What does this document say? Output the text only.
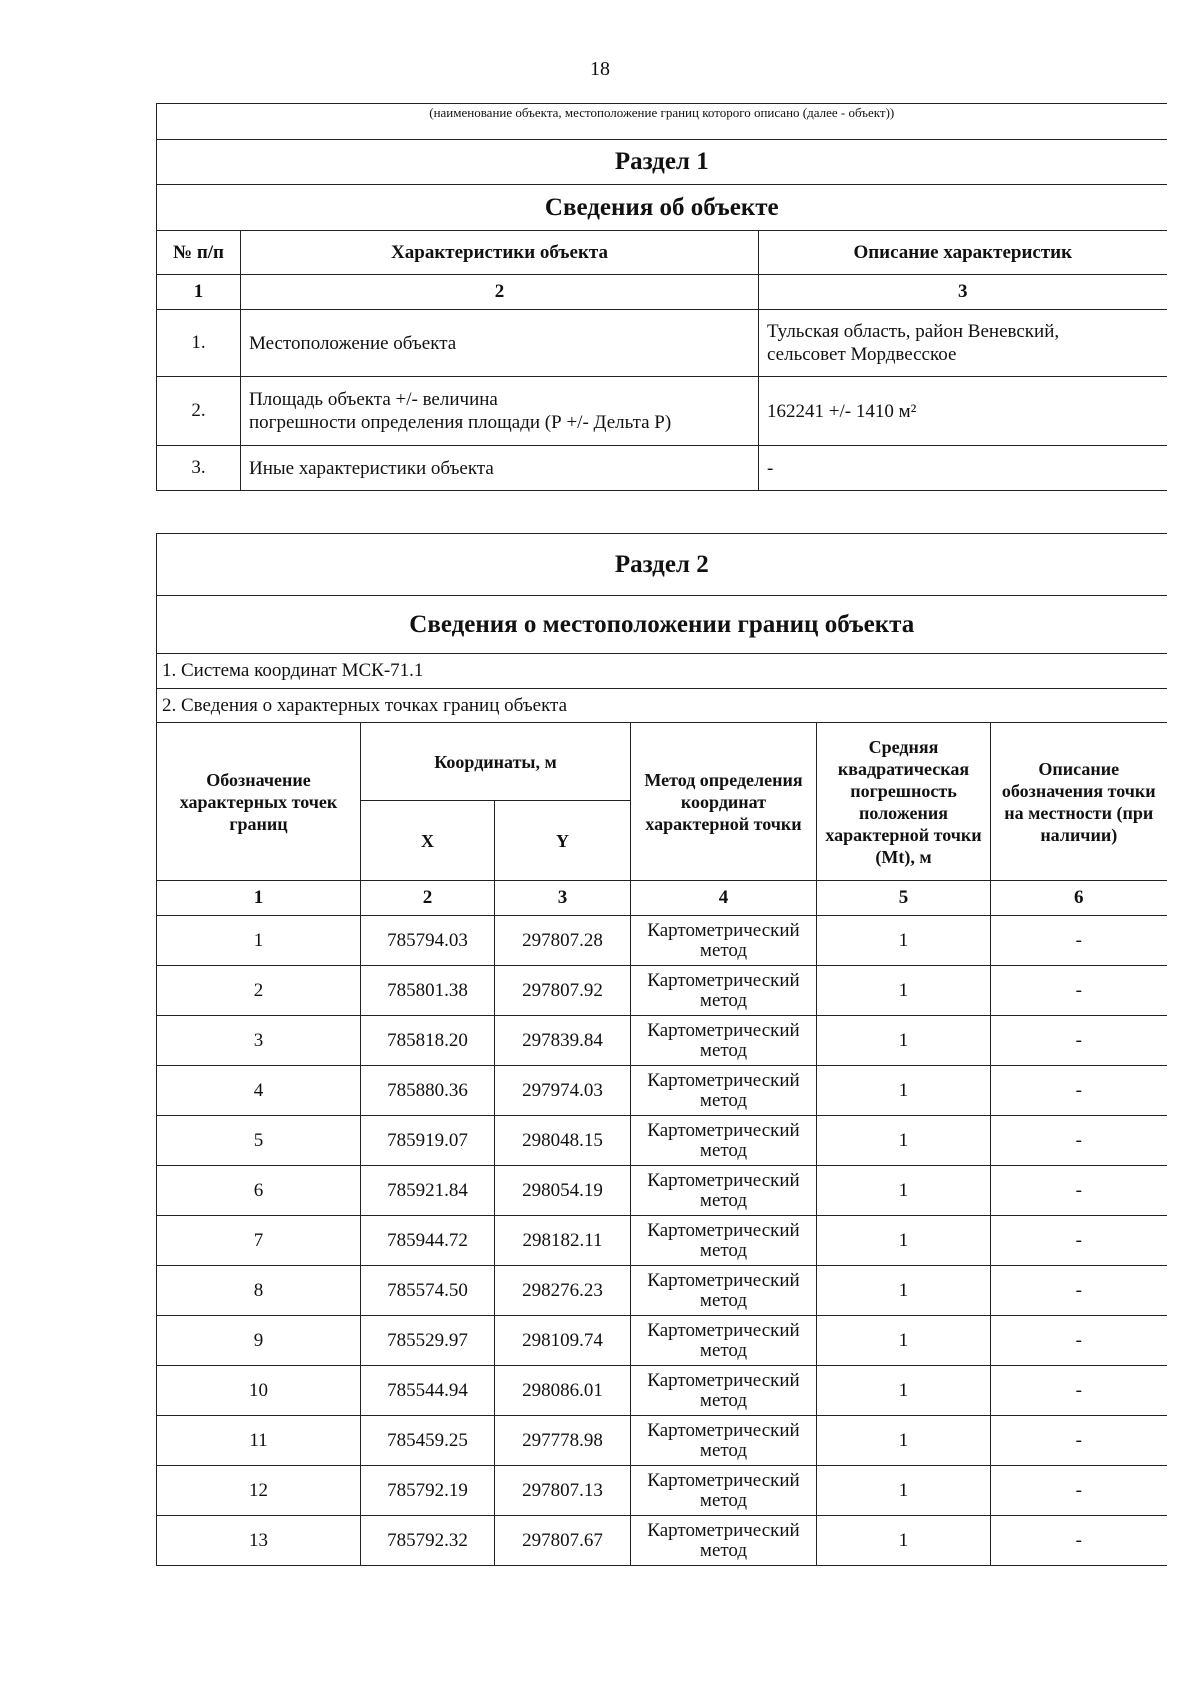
18
(наименование объекта, местоположение границ которого описано (далее - объект))		
Раздел 1		
Сведения об объекте		
№ п/п	Характеристики объекта	Описание характеристик
1	2	3
1.	Местоположение объекта	Тульская область, район Веневский,
сельсовет Мордвесское

2.	Площадь объекта +/- величина
погрешности определения площади (Р +/- Дельта Р)	162241 +/- 1410 м²
3.	Иные характеристики объекта	-
Раздел 2					
Сведения о местоположении границ объекта					
1. Система координат МСК-71.1					
2. Сведения о характерных точках границ объекта					
Обозначение характерных точек границ	Координаты, м		Метод определения координат характерной точки	Средняя квадратическая погрешность положения характерной точки (Mt), м	Описание обозначения точки на местности (при наличии)
	X	Y			
1	2	3	4	5	6
1	785794.03	297807.28	Картометрический метод	1	-
2	785801.38	297807.92	Картометрический метод	1	-
3	785818.20	297839.84	Картометрический метод	1	-
4	785880.36	297974.03	Картометрический метод	1	-
5	785919.07	298048.15	Картометрический метод	1	-
6	785921.84	298054.19	Картометрический метод	1	-
7	785944.72	298182.11	Картометрический метод	1	-
8	785574.50	298276.23	Картометрический метод	1	-
9	785529.97	298109.74	Картометрический метод	1	-
10	785544.94	298086.01	Картометрический метод	1	-
11	785459.25	297778.98	Картометрический метод	1	-
12	785792.19	297807.13	Картометрический метод	1	-
13	785792.32	297807.67	Картометрический метод	1	-
